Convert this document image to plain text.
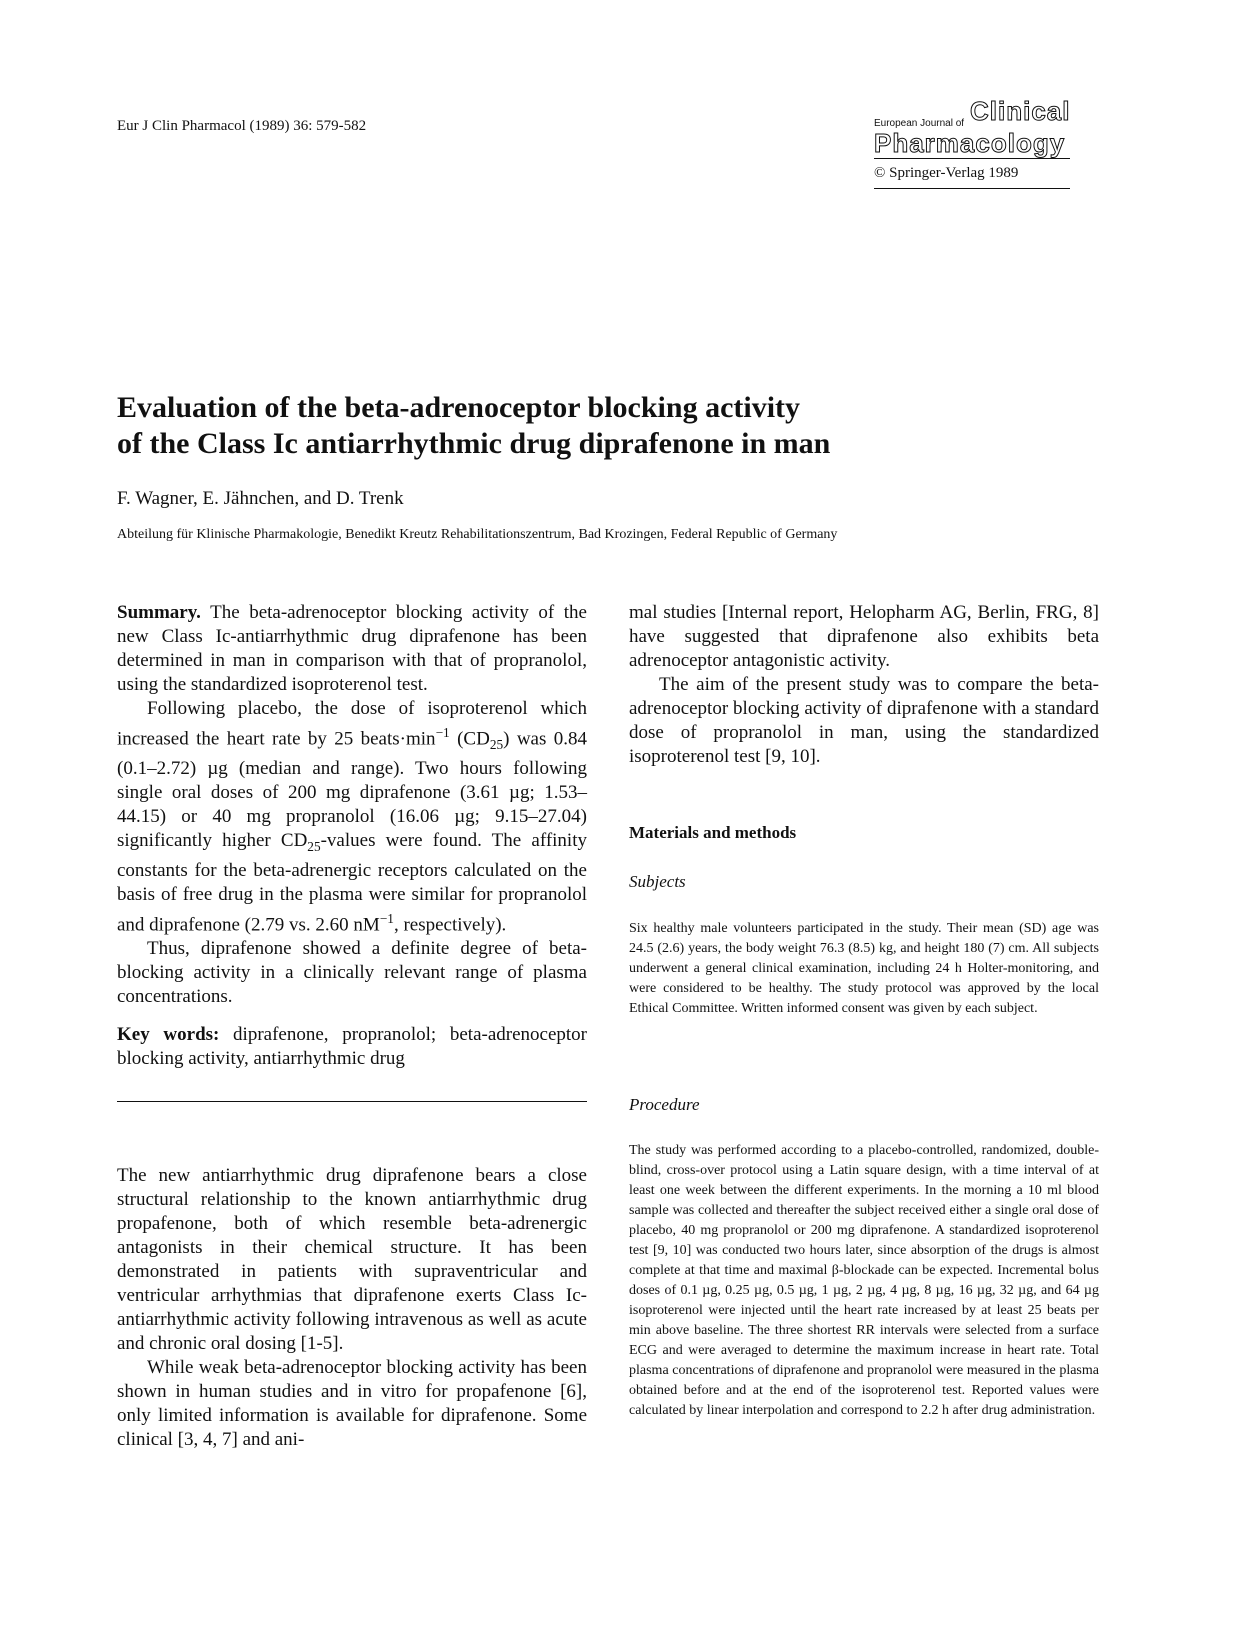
Eur J Clin Pharmacol (1989) 36: 579-582	European Journal of Clinical
Pharmacology
© Springer-Verlag 1989
Evaluation of the beta-adrenoceptor blocking activity
of the Class Ic antiarrhythmic drug diprafenone in man
F. Wagner, E. Jähnchen, and D. Trenk
Abteilung für Klinische Pharmakologie, Benedikt Kreutz Rehabilitationszentrum, Bad Krozingen, Federal Republic of Germany

Summary. The beta-adrenoceptor blocking activity of the new Class Ic-antiarrhythmic drug diprafenone has been determined in man in comparison with that of propranolol, using the standardized isoproterenol test.

Following placebo, the dose of isoproterenol which increased the heart rate by 25 $beats\cdot\min^{-1}$ $(CD_{25})$ was 0.84 (0.1–2.72) µg (median and range). Two hours following single oral doses of 200 mg diprafenone (3.61 µg; 1.53–44.15) or 40 mg propranolol (16.06 µg; 9.15–27.04) significantly higher $CD_{25}$-values were found. The affinity constants for the beta-adrenergic receptors calculated on the basis of free drug in the plasma were similar for propranolol and diprafenone (2.79 vs. 2.60 $nM^{-1}$, respectively).

Thus, diprafenone showed a definite degree of beta-blocking activity in a clinically relevant range of plasma concentrations.

Key words: diprafenone, propranolol; beta-adrenoceptor blocking activity, antiarrhythmic drug

The new antiarrhythmic drug diprafenone bears a close structural relationship to the known antiarrhythmic drug propafenone, both of which resemble beta-adrenergic antagonists in their chemical structure. It has been demonstrated in patients with supraventricular and ventricular arrhythmias that diprafenone exerts Class Ic-antiarrhythmic activity following intravenous as well as acute and chronic oral dosing [1-5].

While weak beta-adrenoceptor blocking activity has been shown in human studies and in vitro for propafenone [6], only limited information is available for diprafenone. Some clinical [3, 4, 7] and ani-

mal studies [Internal report, Helopharm AG, Berlin, FRG, 8] have suggested that diprafenone also exhibits beta adrenoceptor antagonistic activity.

The aim of the present study was to compare the beta-adrenoceptor blocking activity of diprafenone with a standard dose of propranolol in man, using the standardized isoproterenol test [9, 10].

Materials and methods
Subjects
Six healthy male volunteers participated in the study. Their mean (SD) age was 24.5 (2.6) years, the body weight 76.3 (8.5) kg, and height 180 (7) cm. All subjects underwent a general clinical examination, including 24 h Holter-monitoring, and were considered to be healthy. The study protocol was approved by the local Ethical Committee. Written informed consent was given by each subject.
Procedure
The study was performed according to a placebo-controlled, randomized, double-blind, cross-over protocol using a Latin square design, with a time interval of at least one week between the different experiments. In the morning a 10 ml blood sample was collected and thereafter the subject received either a single oral dose of placebo, 40 mg propranolol or 200 mg diprafenone. A standardized isoproterenol test [9, 10] was conducted two hours later, since absorption of the drugs is almost complete at that time and maximal β-blockade can be expected. Incremental bolus doses of 0.1 µg, 0.25 µg, 0.5 µg, 1 µg, 2 µg, 4 µg, 8 µg, 16 µg, 32 µg, and 64 µg isoproterenol were injected until the heart rate increased by at least 25 beats per min above baseline. The three shortest RR intervals were selected from a surface ECG and were averaged to determine the maximum increase in heart rate. Total plasma concentrations of diprafenone and propranolol were measured in the plasma obtained before and at the end of the isoproterenol test. Reported values were calculated by linear interpolation and correspond to 2.2 h after drug administration.
